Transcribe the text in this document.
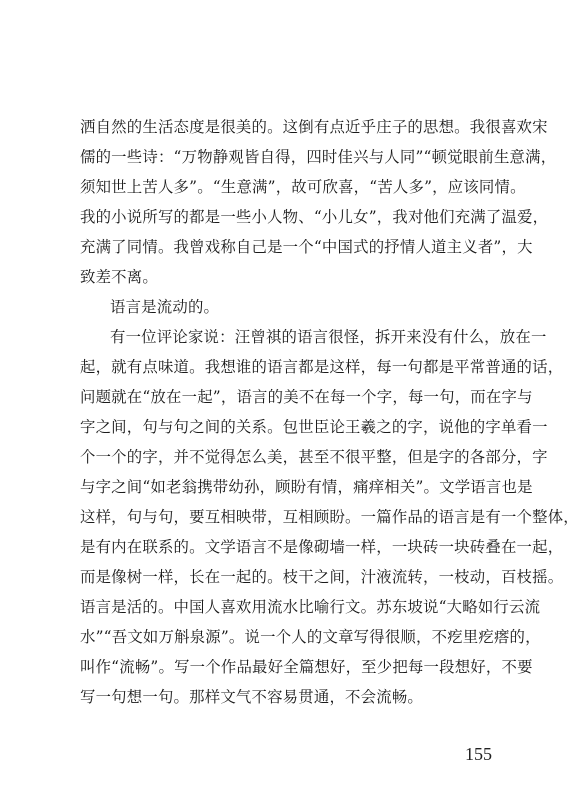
洒自然的生活态度是很美的。这倒有点近乎庄子的思想。我很喜欢宋
儒的一些诗：“万物静观皆自得，四时佳兴与人同”“顿觉眼前生意满，
须知世上苦人多”。“生意满”，故可欣喜，“苦人多”，应该同情。
我的小说所写的都是一些小人物、“小儿女”，我对他们充满了温爱，
充满了同情。我曾戏称自己是一个“中国式的抒情人道主义者”，大
致差不离。
语言是流动的。
有一位评论家说：汪曾祺的语言很怪，拆开来没有什么，放在一
起，就有点味道。我想谁的语言都是这样，每一句都是平常普通的话，
问题就在“放在一起”，语言的美不在每一个字，每一句，而在字与
字之间，句与句之间的关系。包世臣论王羲之的字，说他的字单看一
个一个的字，并不觉得怎么美，甚至不很平整，但是字的各部分，字
与字之间“如老翁携带幼孙，顾盼有情，痛痒相关”。文学语言也是
这样，句与句，要互相映带，互相顾盼。一篇作品的语言是有一个整体，
是有内在联系的。文学语言不是像砌墙一样，一块砖一块砖叠在一起，
而是像树一样，长在一起的。枝干之间，汁液流转，一枝动，百枝摇。
语言是活的。中国人喜欢用流水比喻行文。苏东坡说“大略如行云流
水”“吾文如万斛泉源”。说一个人的文章写得很顺，不疙里疙瘩的，
叫作“流畅”。写一个作品最好全篇想好，至少把每一段想好，不要
写一句想一句。那样文气不容易贯通，不会流畅。
155
